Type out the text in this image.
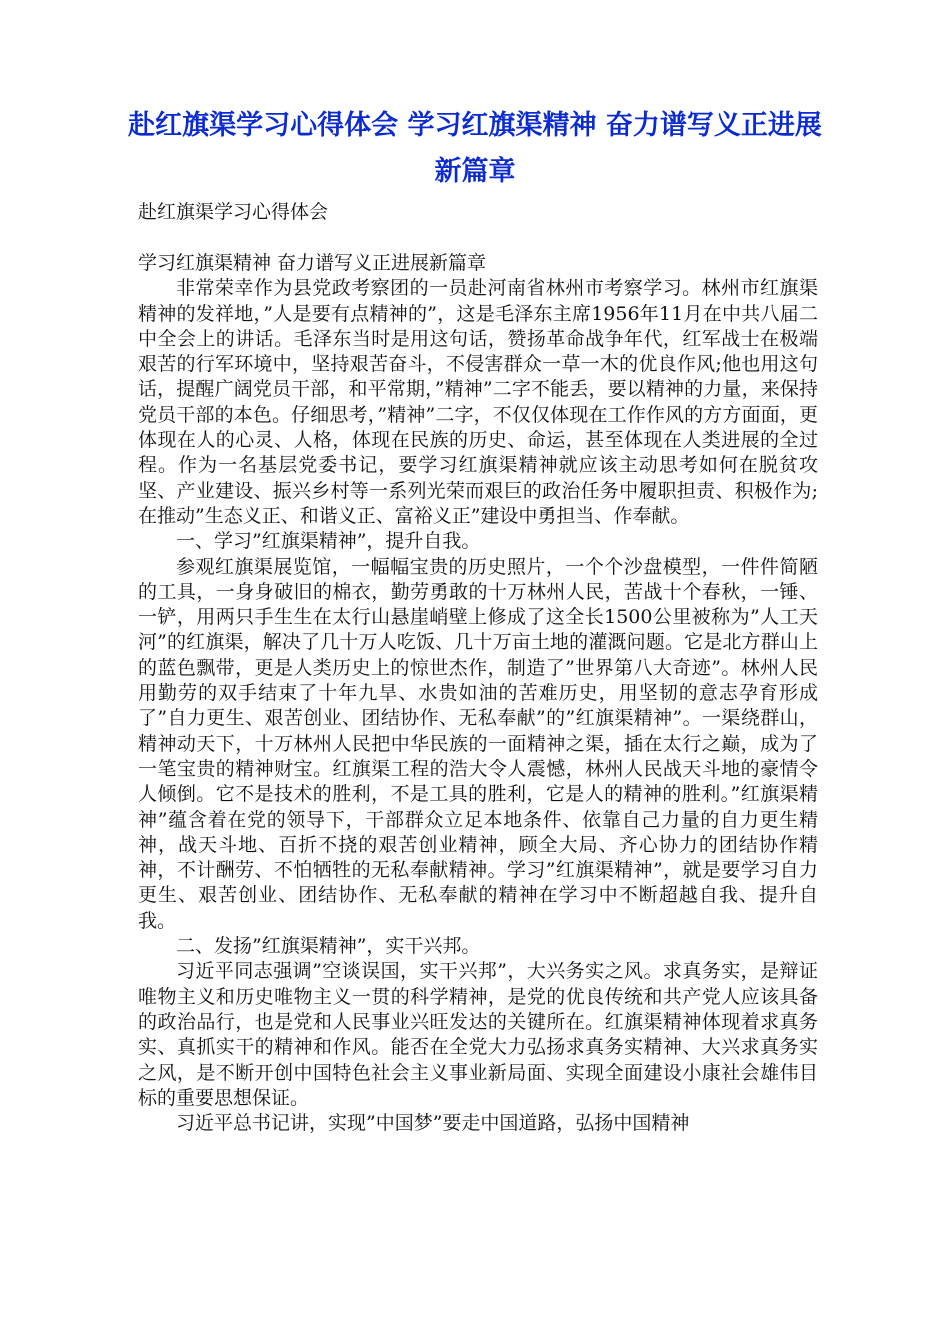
赴红旗渠学习心得体会 学习红旗渠精神 奋力谱写义正进展新篇章

赴红旗渠学习心得体会

学习红旗渠精神 奋力谱写义正进展新篇章

非常荣幸作为县党政考察团的一员赴河南省林州市考察学习。林州市红旗渠精神的发祥地，”人是要有点精神的”，这是毛泽东主席1956年11月在中共八届二中全会上的讲话。毛泽东当时是用这句话，赞扬革命战争年代，红军战士在极端艰苦的行军环境中，坚持艰苦奋斗，不侵害群众一草一木的优良作风;他也用这句话，提醒广阔党员干部，和平常期，”精神”二字不能丢，要以精神的力量，来保持党员干部的本色。仔细思考，”精神”二字，不仅仅体现在工作作风的方方面面，更体现在人的心灵、人格，体现在民族的历史、命运，甚至体现在人类进展的全过程。作为一名基层党委书记，要学习红旗渠精神就应该主动思考如何在脱贫攻坚、产业建设、振兴乡村等一系列光荣而艰巨的政治任务中履职担责、积极作为;在推动”生态义正、和谐义正、富裕义正”建设中勇担当、作奉献。

一、学习”红旗渠精神”，提升自我。

参观红旗渠展览馆，一幅幅宝贵的历史照片，一个个沙盘模型，一件件简陋的工具，一身身破旧的棉衣，勤劳勇敢的十万林州人民，苦战十个春秋，一锤、一铲，用两只手生生在太行山悬崖峭壁上修成了这全长1500公里被称为”人工天河”的红旗渠，解决了几十万人吃饭、几十万亩土地的灌溉问题。它是北方群山上的蓝色飘带，更是人类历史上的惊世杰作，制造了”世界第八大奇迹”。林州人民用勤劳的双手结束了十年九旱、水贵如油的苦难历史，用坚韧的意志孕育形成了”自力更生、艰苦创业、团结协作、无私奉献”的”红旗渠精神”。一渠绕群山，精神动天下，十万林州人民把中华民族的一面精神之渠，插在太行之巅，成为了一笔宝贵的精神财宝。红旗渠工程的浩大令人震憾，林州人民战天斗地的豪情令人倾倒。它不是技术的胜利，不是工具的胜利，它是人的精神的胜利。”红旗渠精神”蕴含着在党的领导下，干部群众立足本地条件、依靠自己力量的自力更生精神，战天斗地、百折不挠的艰苦创业精神，顾全大局、齐心协力的团结协作精神，不计酬劳、不怕牺牲的无私奉献精神。学习”红旗渠精神”，就是要学习自力更生、艰苦创业、团结协作、无私奉献的精神在学习中不断超越自我、提升自我。

二、发扬”红旗渠精神”，实干兴邦。

习近平同志强调”空谈误国，实干兴邦”，大兴务实之风。求真务实，是辩证唯物主义和历史唯物主义一贯的科学精神，是党的优良传统和共产党人应该具备的政治品行，也是党和人民事业兴旺发达的关键所在。红旗渠精神体现着求真务实、真抓实干的精神和作风。能否在全党大力弘扬求真务实精神、大兴求真务实之风，是不断开创中国特色社会主义事业新局面、实现全面建设小康社会雄伟目标的重要思想保证。

习近平总书记讲，实现”中国梦”要走中国道路，弘扬中国精神
